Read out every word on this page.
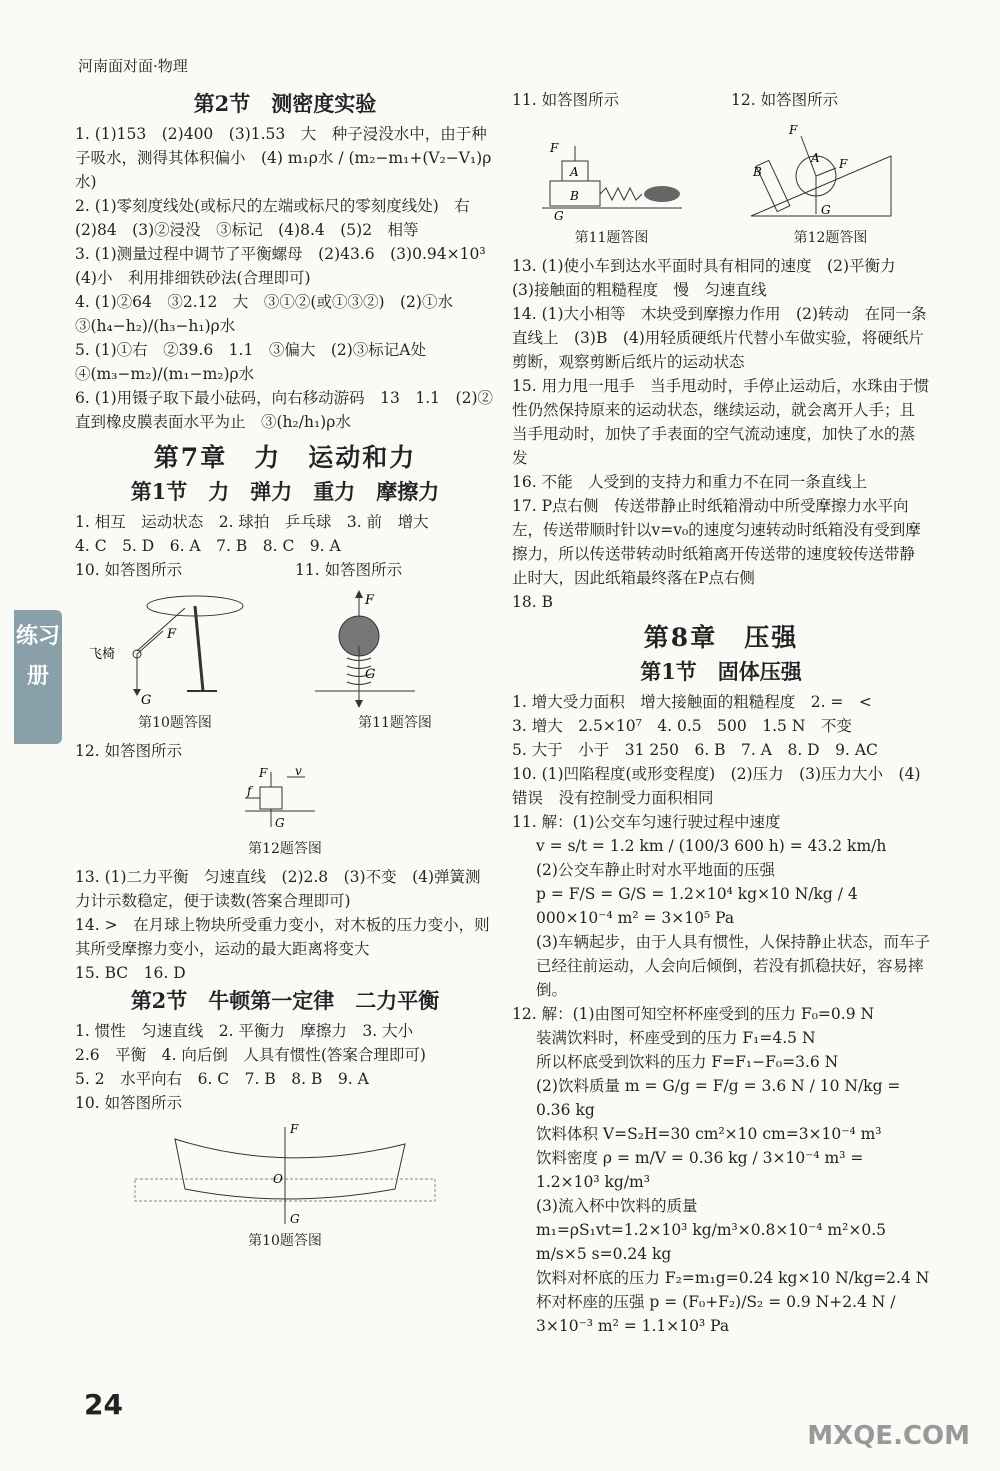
河南面对面·物理
练习册
第2节　测密度实验
1. (1)153　(2)400　(3)1.53　大　种子浸没水中，由于种子吸水，测得其体积偏小　(4) m₁ρ水 / (m₂−m₁+(V₂−V₁)ρ水)
2. (1)零刻度线处(或标尺的左端或标尺的零刻度线处)　右　(2)84　(3)②浸没　③标记　(4)8.4　(5)2　相等
3. (1)测量过程中调节了平衡螺母　(2)43.6　(3)0.94×10³　(4)小　利用排细铁砂法(合理即可)
4. (1)②64　③2.12　大　③①②(或①③②)　(2)①水　③(h₄−h₂)/(h₃−h₁)ρ水
5. (1)①右　②39.6　1.1　③偏大　(2)③标记A处　④(m₃−m₂)/(m₁−m₂)ρ水
6. (1)用镊子取下最小砝码，向右移动游码　13　1.1　(2)②直到橡皮膜表面水平为止　③(h₂/h₁)ρ水
第7章　力　运动和力
第1节　力　弹力　重力　摩擦力
1. 相互　运动状态　2. 球拍　乒乓球　3. 前　增大
4. C　5. D　6. A　7. B　8. C　9. A
10. 如答图所示
F
G
飞椅
第10题答图
11. 如答图所示
F
G
第11题答图
12. 如答图所示
F v
f
G
第12题答图
13. (1)二力平衡　匀速直线　(2)2.8　(3)不变　(4)弹簧测力计示数稳定，便于读数(答案合理即可)
14. >　在月球上物块所受重力变小，对木板的压力变小，则其所受摩擦力变小，运动的最大距离将变大
15. BC　16. D
第2节　牛顿第一定律　二力平衡
1. 惯性　匀速直线　2. 平衡力　摩擦力　3. 大小
2.6　平衡　4. 向后倒　人具有惯性(答案合理即可)
5. 2　水平向右　6. C　7. B　8. B　9. A
10. 如答图所示
F
O
G
第10题答图
11. 如答图所示
A
B
F
G
第11题答图
12. 如答图所示
G
F
F
B
A
第12题答图
13. (1)使小车到达水平面时具有相同的速度　(2)平衡力　(3)接触面的粗糙程度　慢　匀速直线
14. (1)大小相等　木块受到摩擦力作用　(2)转动　在同一条直线上　(3)B　(4)用轻质硬纸片代替小车做实验，将硬纸片剪断，观察剪断后纸片的运动状态
15. 用力甩一甩手　当手甩动时，手停止运动后，水珠由于惯性仍然保持原来的运动状态，继续运动，就会离开人手；且当手甩动时，加快了手表面的空气流动速度，加快了水的蒸发
16. 不能　人受到的支持力和重力不在同一条直线上
17. P点右侧　传送带静止时纸箱滑动中所受摩擦力水平向左，传送带顺时针以v=v₀的速度匀速转动时纸箱没有受到摩擦力，所以传送带转动时纸箱离开传送带的速度较传送带静止时大，因此纸箱最终落在P点右侧
18. B
第8章　压强
第1节　固体压强
1. 增大受力面积　增大接触面的粗糙程度　2. =　<
3. 增大　2.5×10⁷　4. 0.5　500　1.5 N　不变
5. 大于　小于　31 250　6. B　7. A　8. D　9. AC
10. (1)凹陷程度(或形变程度)　(2)压力　(3)压力大小　(4)错误　没有控制受力面积相同
11. 解：(1)公交车匀速行驶过程中速度
v = s/t = 1.2 km / (100/3 600 h) = 43.2 km/h
(2)公交车静止时对水平地面的压强
p = F/S = G/S = 1.2×10⁴ kg×10 N/kg / 4 000×10⁻⁴ m² = 3×10⁵ Pa
(3)车辆起步，由于人具有惯性，人保持静止状态，而车子已经往前运动，人会向后倾倒，若没有抓稳扶好，容易摔倒。
12. 解：(1)由图可知空杯杯座受到的压力 F₀=0.9 N
装满饮料时，杯座受到的压力 F₁=4.5 N
所以杯底受到饮料的压力 F=F₁−F₀=3.6 N
(2)饮料质量 m = G/g = F/g = 3.6 N / 10 N/kg = 0.36 kg
饮料体积 V=S₂H=30 cm²×10 cm=3×10⁻⁴ m³
饮料密度 ρ = m/V = 0.36 kg / 3×10⁻⁴ m³ = 1.2×10³ kg/m³
(3)流入杯中饮料的质量
m₁=ρS₁vt=1.2×10³ kg/m³×0.8×10⁻⁴ m²×0.5 m/s×5 s=0.24 kg
饮料对杯底的压力 F₂=m₁g=0.24 kg×10 N/kg=2.4 N
杯对杯座的压强 p = (F₀+F₂)/S₂ = 0.9 N+2.4 N / 3×10⁻³ m² = 1.1×10³ Pa
24
MXQE.COM
